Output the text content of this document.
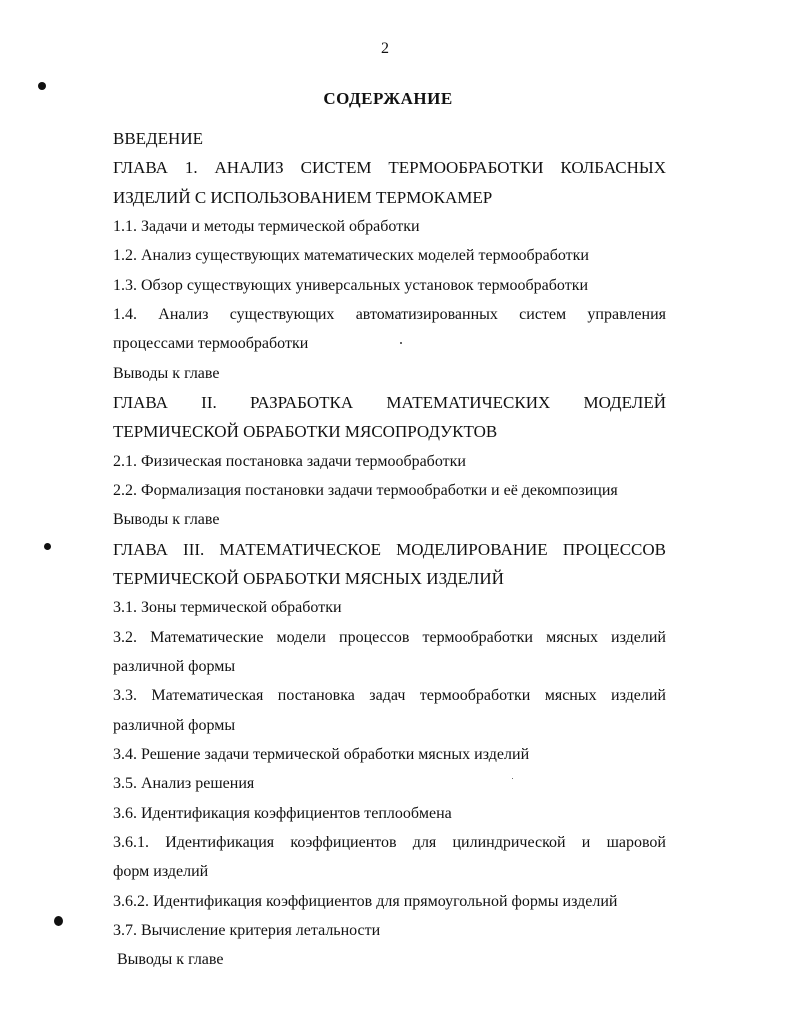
2
СОДЕРЖАНИЕ
ВВЕДЕНИЕ
ГЛАВА 1. АНАЛИЗ СИСТЕМ ТЕРМООБРАБОТКИ КОЛБАСНЫХ
ИЗДЕЛИЙ С ИСПОЛЬЗОВАНИЕМ ТЕРМОКАМЕР
1.1. Задачи и методы термической обработки
1.2. Анализ существующих математических моделей термообработки
1.3. Обзор существующих универсальных установок термообработки
1.4. Анализ существующих автоматизированных систем управления
процессами термообработки
Выводы к главе
ГЛАВА II. РАЗРАБОТКА МАТЕМАТИЧЕСКИХ МОДЕЛЕЙ
ТЕРМИЧЕСКОЙ ОБРАБОТКИ МЯСОПРОДУКТОВ
2.1. Физическая постановка задачи термообработки
2.2. Формализация постановки задачи термообработки и её декомпозиция
Выводы к главе
ГЛАВА III. МАТЕМАТИЧЕСКОЕ МОДЕЛИРОВАНИЕ ПРОЦЕССОВ
ТЕРМИЧЕСКОЙ ОБРАБОТКИ МЯСНЫХ ИЗДЕЛИЙ
3.1. Зоны термической обработки
3.2. Математические модели процессов термообработки мясных изделий
различной формы
3.3. Математическая постановка задач термообработки мясных изделий
различной формы
3.4. Решение задачи термической обработки мясных изделий
3.5. Анализ решения
3.6. Идентификация коэффициентов теплообмена
3.6.1. Идентификация коэффициентов для цилиндрической и шаровой
форм изделий
3.6.2. Идентификация коэффициентов для прямоугольной формы изделий
3.7. Вычисление критерия летальности
Выводы к главе
